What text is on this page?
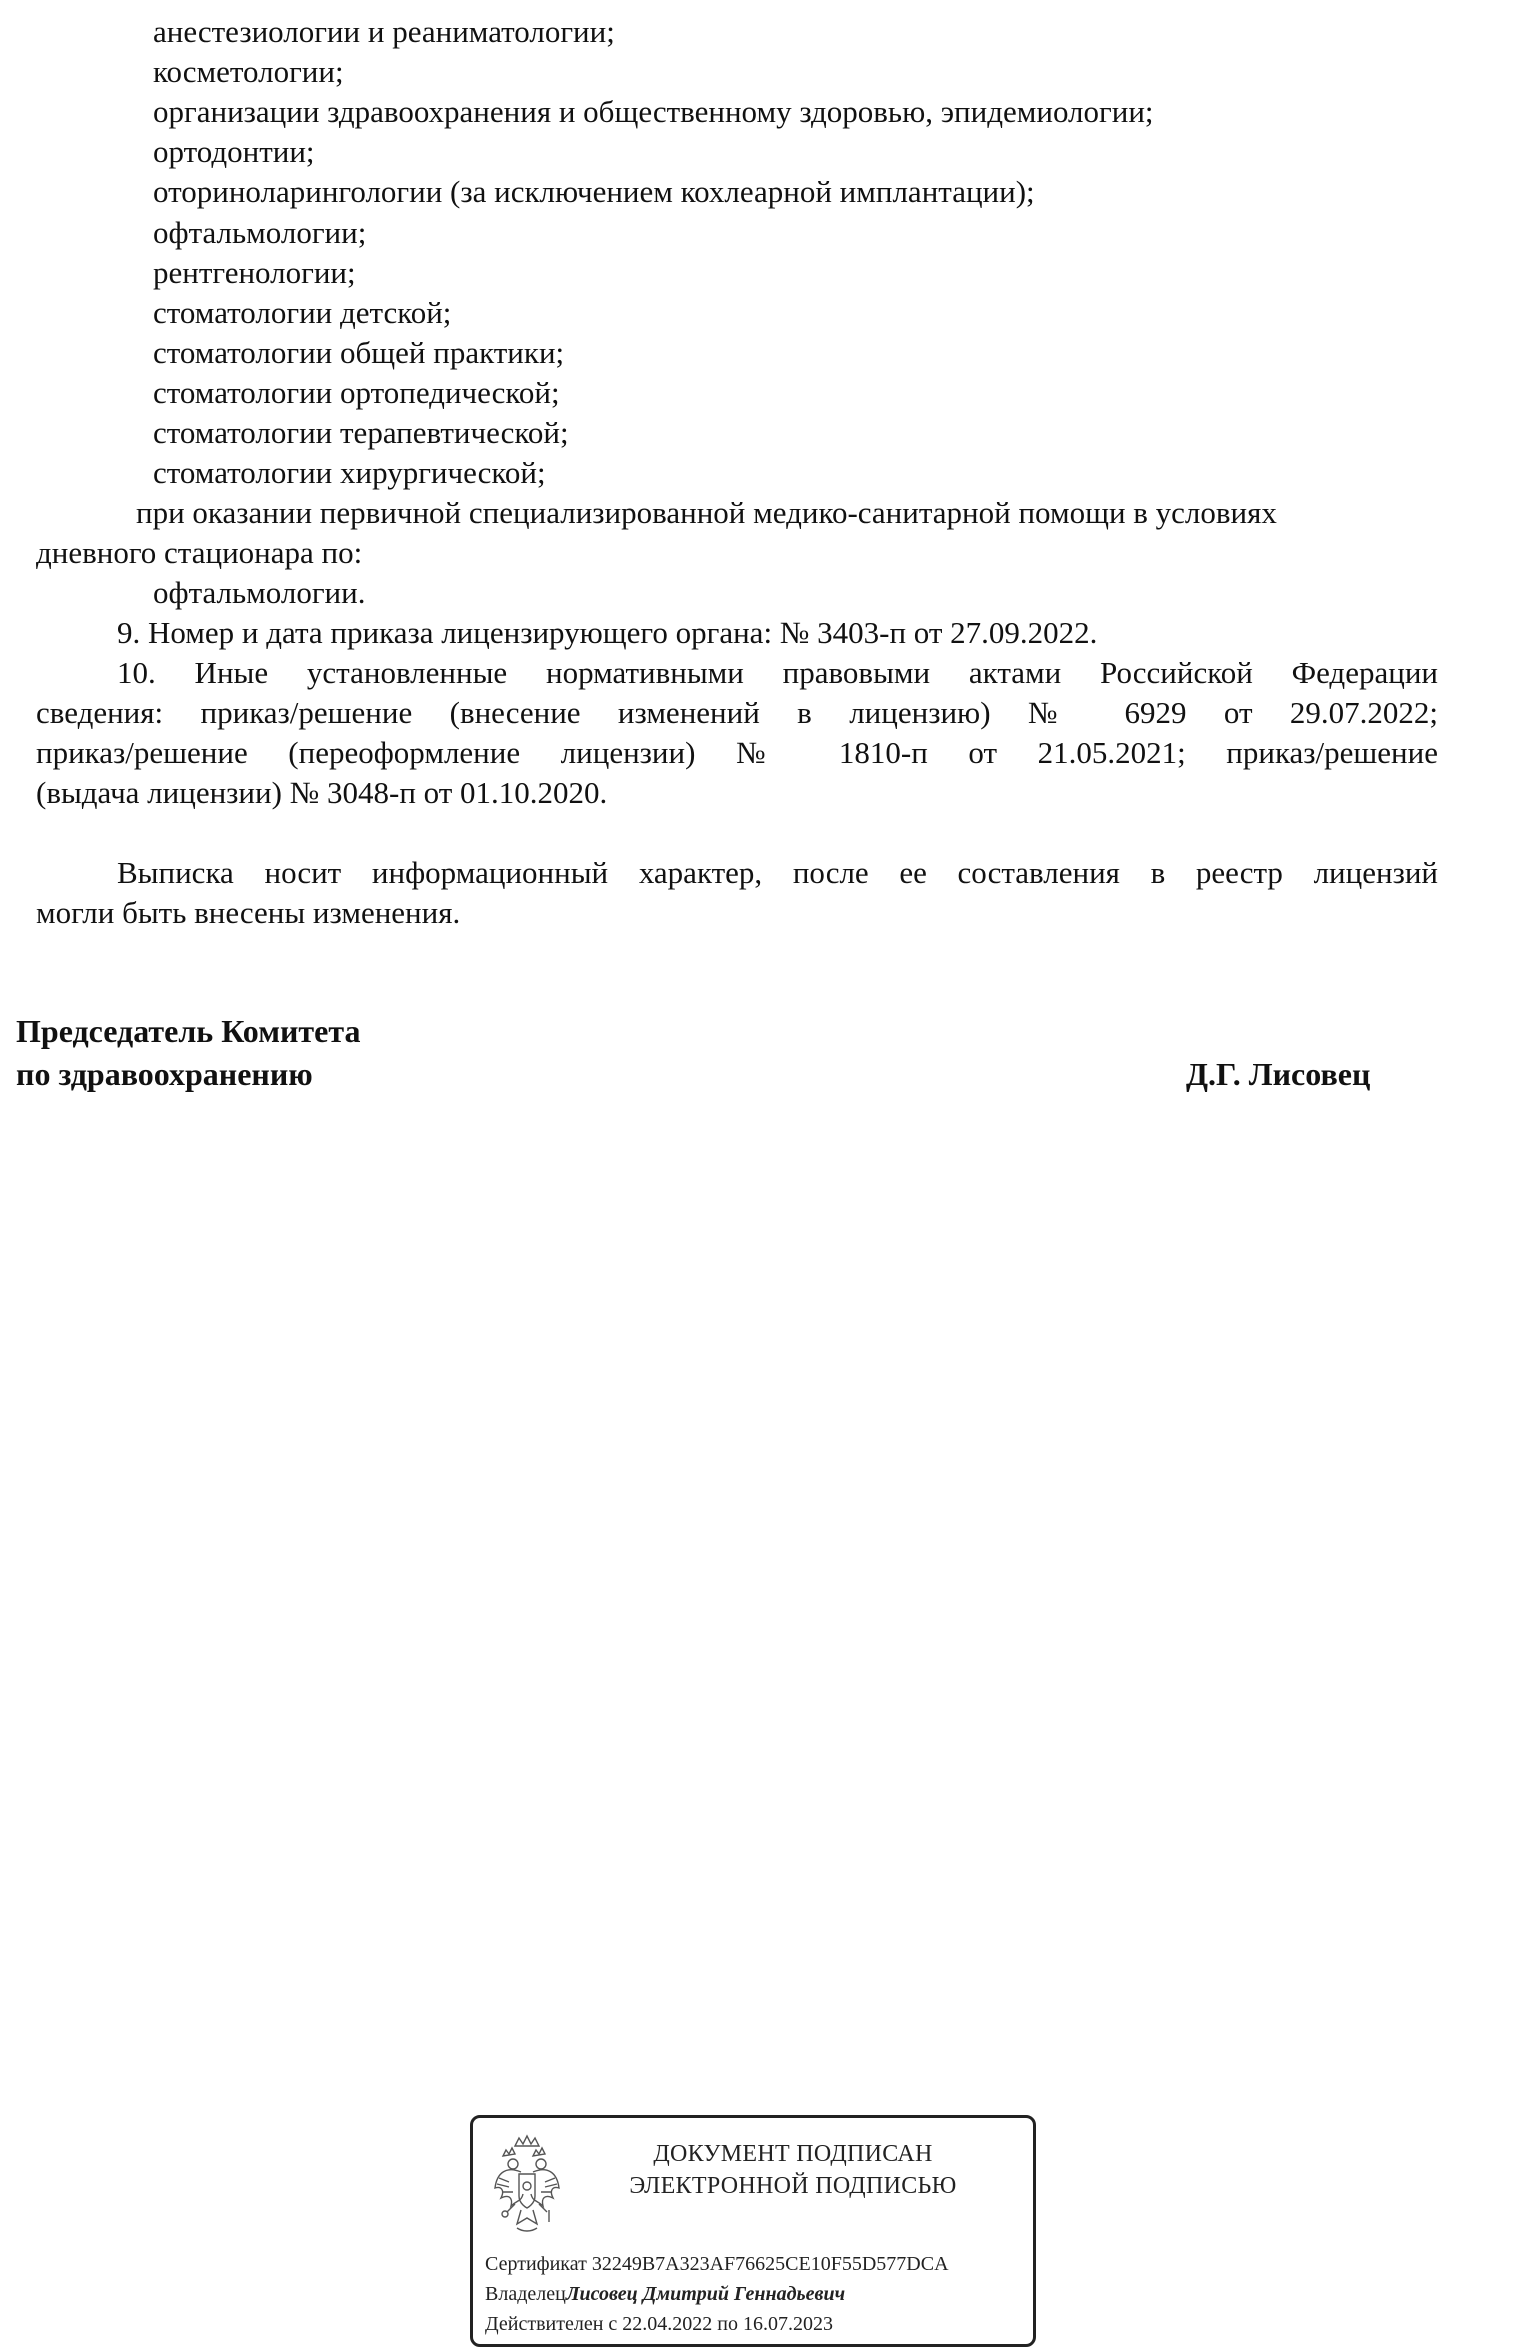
анестезиологии и реаниматологии;
косметологии;
организации здравоохранения и общественному здоровью, эпидемиологии;
ортодонтии;
оториноларингологии (за исключением кохлеарной имплантации);
офтальмологии;
рентгенологии;
стоматологии детской;
стоматологии общей практики;
стоматологии ортопедической;
стоматологии терапевтической;
стоматологии хирургической;
при оказании первичной специализированной медико-санитарной помощи в условиях
дневного стационара по:
офтальмологии.
9. Номер и дата приказа лицензирующего органа: № 3403-п от 27.09.2022.
10. Иные установленные нормативными правовыми актами Российской Федерации
сведения: приказ/решение (внесение изменений в лицензию) № 6929 от 29.07.2022;
приказ/решение (переоформление лицензии) № 1810-п от 21.05.2021; приказ/решение
(выдача лицензии) № 3048-п от 01.10.2020.
Выписка носит информационный характер, после ее составления в реестр лицензий
могли быть внесены изменения.
Председатель Комитета
по здравоохранению	Д.Г. Лисовец
ДОКУМЕНТ ПОДПИСАН
ЭЛЕКТРОННОЙ ПОДПИСЬЮ
Сертификат 32249B7A323AF76625CE10F55D577DCA
ВладелецЛисовец Дмитрий Геннадьевич
Действителен с 22.04.2022 по 16.07.2023
